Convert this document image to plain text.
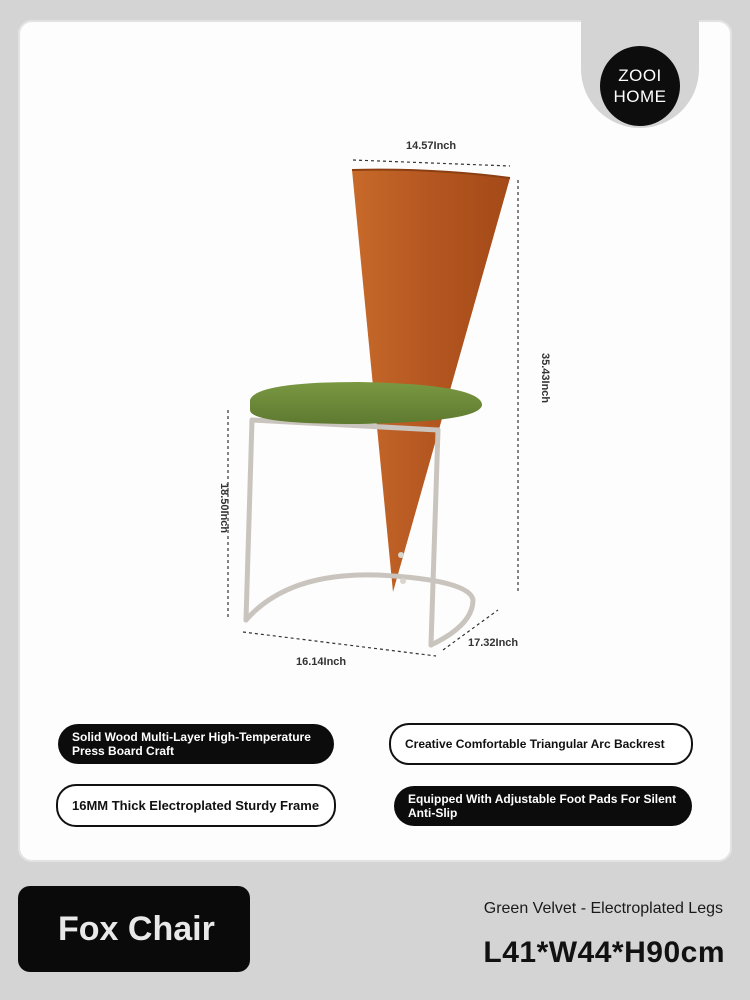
ZOOI
HOME
14.57Inch
35.43Inch
18.50Inch
17.32Inch
16.14Inch
Solid Wood Multi-Layer High-Temperature Press Board Craft	Creative Comfortable Triangular Arc Backrest
16MM Thick Electroplated Sturdy Frame	Equipped With Adjustable Foot Pads For Silent Anti-Slip
Fox Chair
Green Velvet - Electroplated Legs
L41*W44*H90cm
